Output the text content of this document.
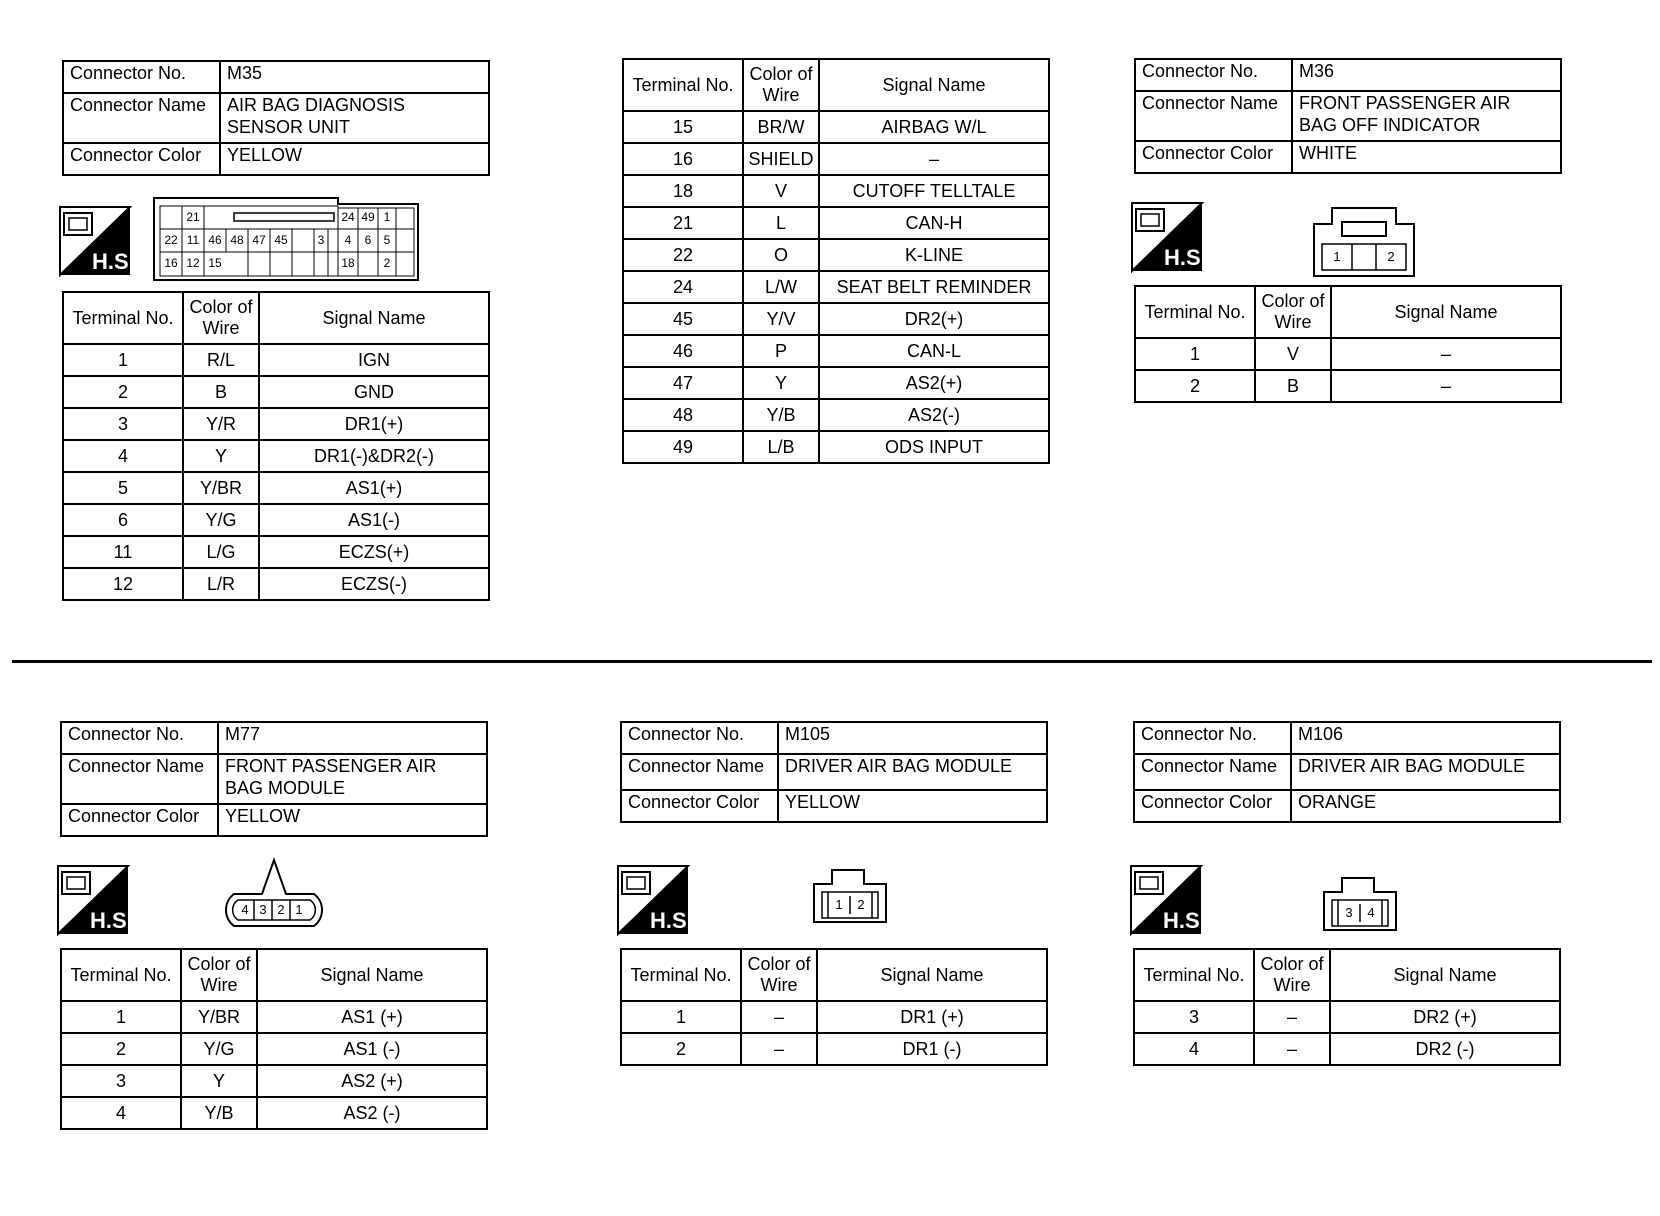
Connector No.	M35
Connector Name	AIR BAG DIAGNOSIS
SENSOR UNIT

Connector Color	YELLOW
H.S.
21	24 49 1
22 11 46 48 47 45	3	4	6	5
16 12 15	18	2
Terminal No.	Color of Wire	Signal Name
1	R/L	IGN
2	B	GND
3	Y/R	DR1(+)
4	Y	DR1(-)&DR2(-)
5	Y/BR	AS1(+)
6	Y/G	AS1(-)
11	L/G	ECZS(+)
12	L/R	ECZS(-)
Terminal No.	Color of Wire	Signal Name
15	BR/W	AIRBAG W/L
16	SHIELD	–
18	V	CUTOFF TELLTALE
21	L	CAN-H
22	O	K-LINE
24	L/W	SEAT BELT REMINDER
45	Y/V	DR2(+)
46	P	CAN-L
47	Y	AS2(+)
48	Y/B	AS2(-)
49	L/B	ODS INPUT
Connector No.	M36
Connector Name	FRONT PASSENGER AIR
BAG OFF INDICATOR

Connector Color	WHITE
H.S.	1	2
Terminal No.	Color of Wire	Signal Name
1	V	–
2	B	–
Connector No.	M77
Connector Name	FRONT PASSENGER AIR
BAG MODULE

Connector Color	YELLOW
H.S.	4 3 2 1
Terminal No.	Color of Wire	Signal Name
1	Y/BR	AS1 (+)
2	Y/G	AS1 (-)
3	Y	AS2 (+)
4	Y/B	AS2 (-)
Connector No.	M105
Connector Name	DRIVER AIR BAG MODULE
Connector Color	YELLOW
H.S.
1	2
Terminal No.	Color of Wire	Signal Name
1	–	DR1 (+)
2	–	DR1 (-)
Connector No.	M106
Connector Name	DRIVER AIR BAG MODULE
Connector Color	ORANGE
H.S.	3	4
Terminal No.	Color of Wire	Signal Name
3	–	DR2 (+)
4	–	DR2 (-)
